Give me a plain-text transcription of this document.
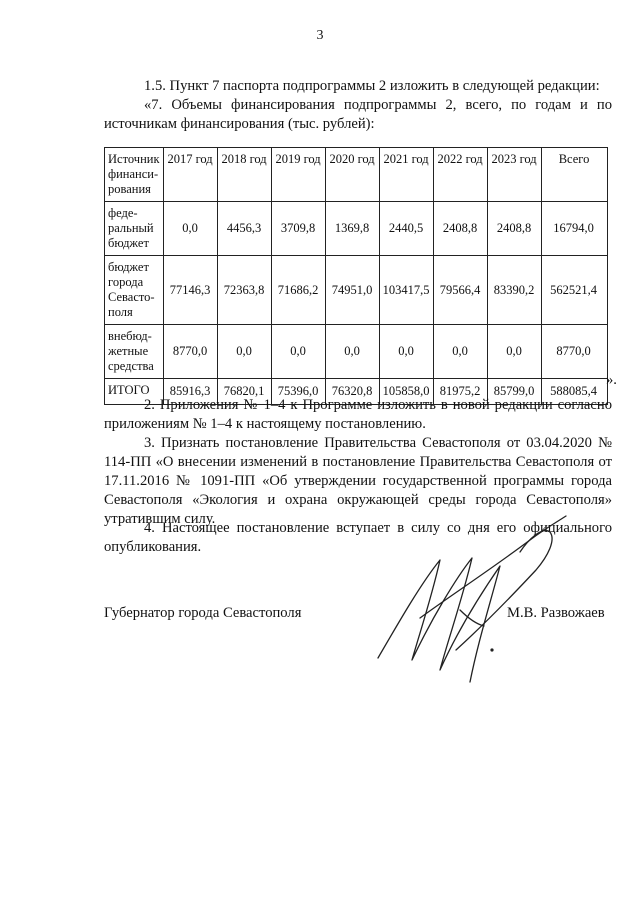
3

1.5. Пункт 7 паспорта подпрограммы 2 изложить в следующей редакции:

«7. Объемы финансирования подпрограммы 2, всего, по годам и по источникам финансирования (тыс. рублей):

Источник финанси-рования	2017 год	2018 год	2019 год	2020 год	2021 год	2022 год	2023 год	Всего
феде-ральный бюджет	0,0	4456,3	3709,8	1369,8	2440,5	2408,8	2408,8	16794,0
бюджет города Севасто-поля	77146,3	72363,8	71686,2	74951,0	103417,5	79566,4	83390,2	562521,4
внебюд-жетные средства	8770,0	0,0	0,0	0,0	0,0	0,0	0,0	8770,0
ИТОГО	85916,3	76820,1	75396,0	76320,8	105858,0	81975,2	85799,0	588085,4
».

2. Приложения № 1–4 к Программе изложить в новой редакции согласно приложениям № 1–4 к настоящему постановлению.

3. Признать постановление Правительства Севастополя от 03.04.2020 № 114-ПП «О внесении изменений в постановление Правительства Севастополя от 17.11.2016 № 1091-ПП «Об утверждении государственной программы города Севастополя «Экология и охрана окружающей среды города Севастополя» утратившим силу.

4. Настоящее постановление вступает в силу со дня его официального опубликования.

Губернатор города Севастополя	М.В. Развожаев
